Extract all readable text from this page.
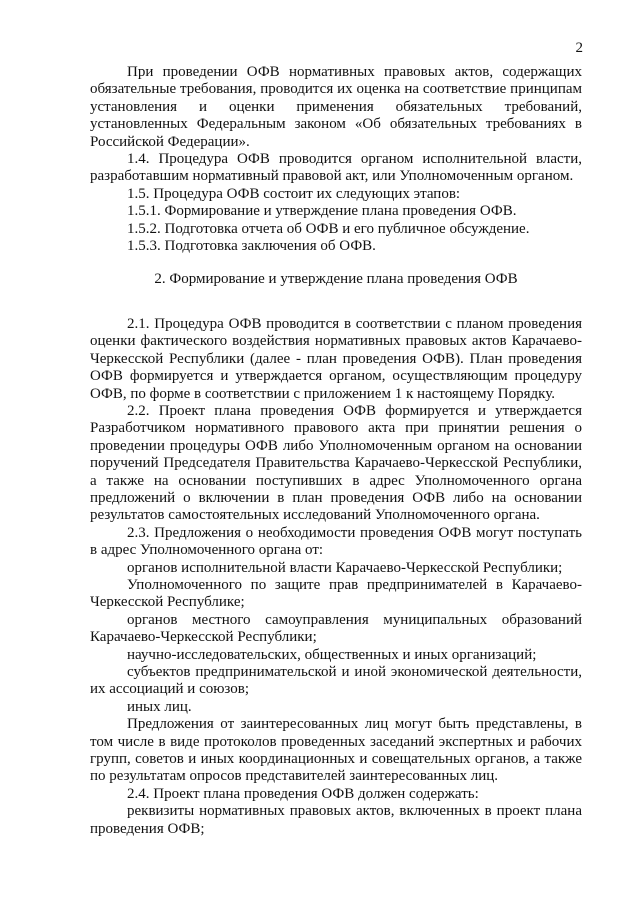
2

При проведении ОФВ нормативных правовых актов, содержащих обязательные требования, проводится их оценка на соответствие принципам установления и оценки применения обязательных требований, установленных Федеральным законом «Об обязательных требованиях в Российской Федерации».

1.4. Процедура ОФВ проводится органом исполнительной власти, разработавшим нормативный правовой акт, или Уполномоченным органом.

1.5. Процедура ОФВ состоит их следующих этапов:

1.5.1. Формирование и утверждение плана проведения ОФВ.

1.5.2. Подготовка отчета об ОФВ и его публичное обсуждение.

1.5.3. Подготовка заключения об ОФВ.

2. Формирование и утверждение плана проведения ОФВ

2.1. Процедура ОФВ проводится в соответствии с планом проведения оценки фактического воздействия нормативных правовых актов Карачаево-Черкесской Республики (далее - план проведения ОФВ). План проведения ОФВ формируется и утверждается органом, осуществляющим процедуру ОФВ, по форме в соответствии с приложением 1 к настоящему Порядку.

2.2. Проект плана проведения ОФВ формируется и утверждается Разработчиком нормативного правового акта при принятии решения о проведении процедуры ОФВ либо Уполномоченным органом на основании поручений Председателя Правительства Карачаево-Черкесской Республики, а также на основании поступивших в адрес Уполномоченного органа предложений о включении в план проведения ОФВ либо на основании результатов самостоятельных исследований Уполномоченного органа.

2.3. Предложения о необходимости проведения ОФВ могут поступать в адрес Уполномоченного органа от:

органов исполнительной власти Карачаево-Черкесской Республики;

Уполномоченного по защите прав предпринимателей в Карачаево-Черкесской Республике;

органов местного самоуправления муниципальных образований Карачаево-Черкесской Республики;

научно-исследовательских, общественных и иных организаций;

субъектов предпринимательской и иной экономической деятельности, их ассоциаций и союзов;

иных лиц.

Предложения от заинтересованных лиц могут быть представлены, в том числе в виде протоколов проведенных заседаний экспертных и рабочих групп, советов и иных координационных и совещательных органов, а также по результатам опросов представителей заинтересованных лиц.

2.4. Проект плана проведения ОФВ должен содержать:

реквизиты нормативных правовых актов, включенных в проект плана проведения ОФВ;
